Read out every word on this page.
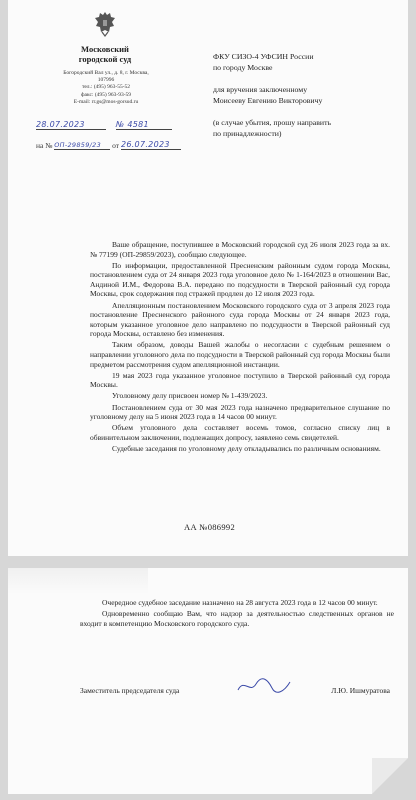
Московский городской суд
Богородский Вал ул., д. 8, г. Москва, 107996
тел.: (495) 963-55-52
факс: (495) 963-93-59
E-mail: rr.gs@mos-gorsud.ru
28.07.2023	№ 4581
на № ОП-29859/23 от 26.07.2023
ФКУ СИЗО-4 УФСИН России
по городу Москве
для вручения заключенному
Моисееву Евгению Викторовичу
(в случае убытия, прошу направить
по принадлежности)

Ваше обращение, поступившее в Московский городской суд 26 июля 2023 года за вх. № 77199 (ОП-29859/2023), сообщаю следующее.

По информации, предоставленной Пресненским районным судом города Москвы, постановлением суда от 24 января 2023 года уголовное дело № 1-164/2023 в отношении Вас, Андиной И.М., Федорова В.А. передано по подсудности в Тверской районный суд города Москвы, срок содержания под стражей продлен до 12 июля 2023 года.

Апелляционным постановлением Московского городского суда от 3 апреля 2023 года постановление Пресненского районного суда города Москвы от 24 января 2023 года, которым указанное уголовное дело направлено по подсудности в Тверской районный суд города Москвы, оставлено без изменения.

Таким образом, доводы Вашей жалобы о несогласии с судебным решением о направлении уголовного дела по подсудности в Тверской районный суд города Москвы были предметом рассмотрения судом апелляционной инстанции.

19 мая 2023 года указанное уголовное поступило в Тверской районный суд города Москвы.

Уголовному делу присвоен номер № 1-439/2023.

Постановлением суда от 30 мая 2023 года назначено предварительное слушание по уголовному делу на 5 июня 2023 года в 14 часов 00 минут.

Объем уголовного дела составляет восемь томов, согласно списку лиц в обвинительном заключении, подлежащих допросу, заявлено семь свидетелей.

Судебные заседания по уголовному делу откладывались по различным основаниям.

АА №086992

Очередное судебное заседание назначено на 28 августа 2023 года в 12 часов 00 минут.

Одновременно сообщаю Вам, что надзор за деятельностью следственных органов не входит в компетенцию Московского городского суда.

Заместитель председателя суда	Л.Ю. Ишмуратова
